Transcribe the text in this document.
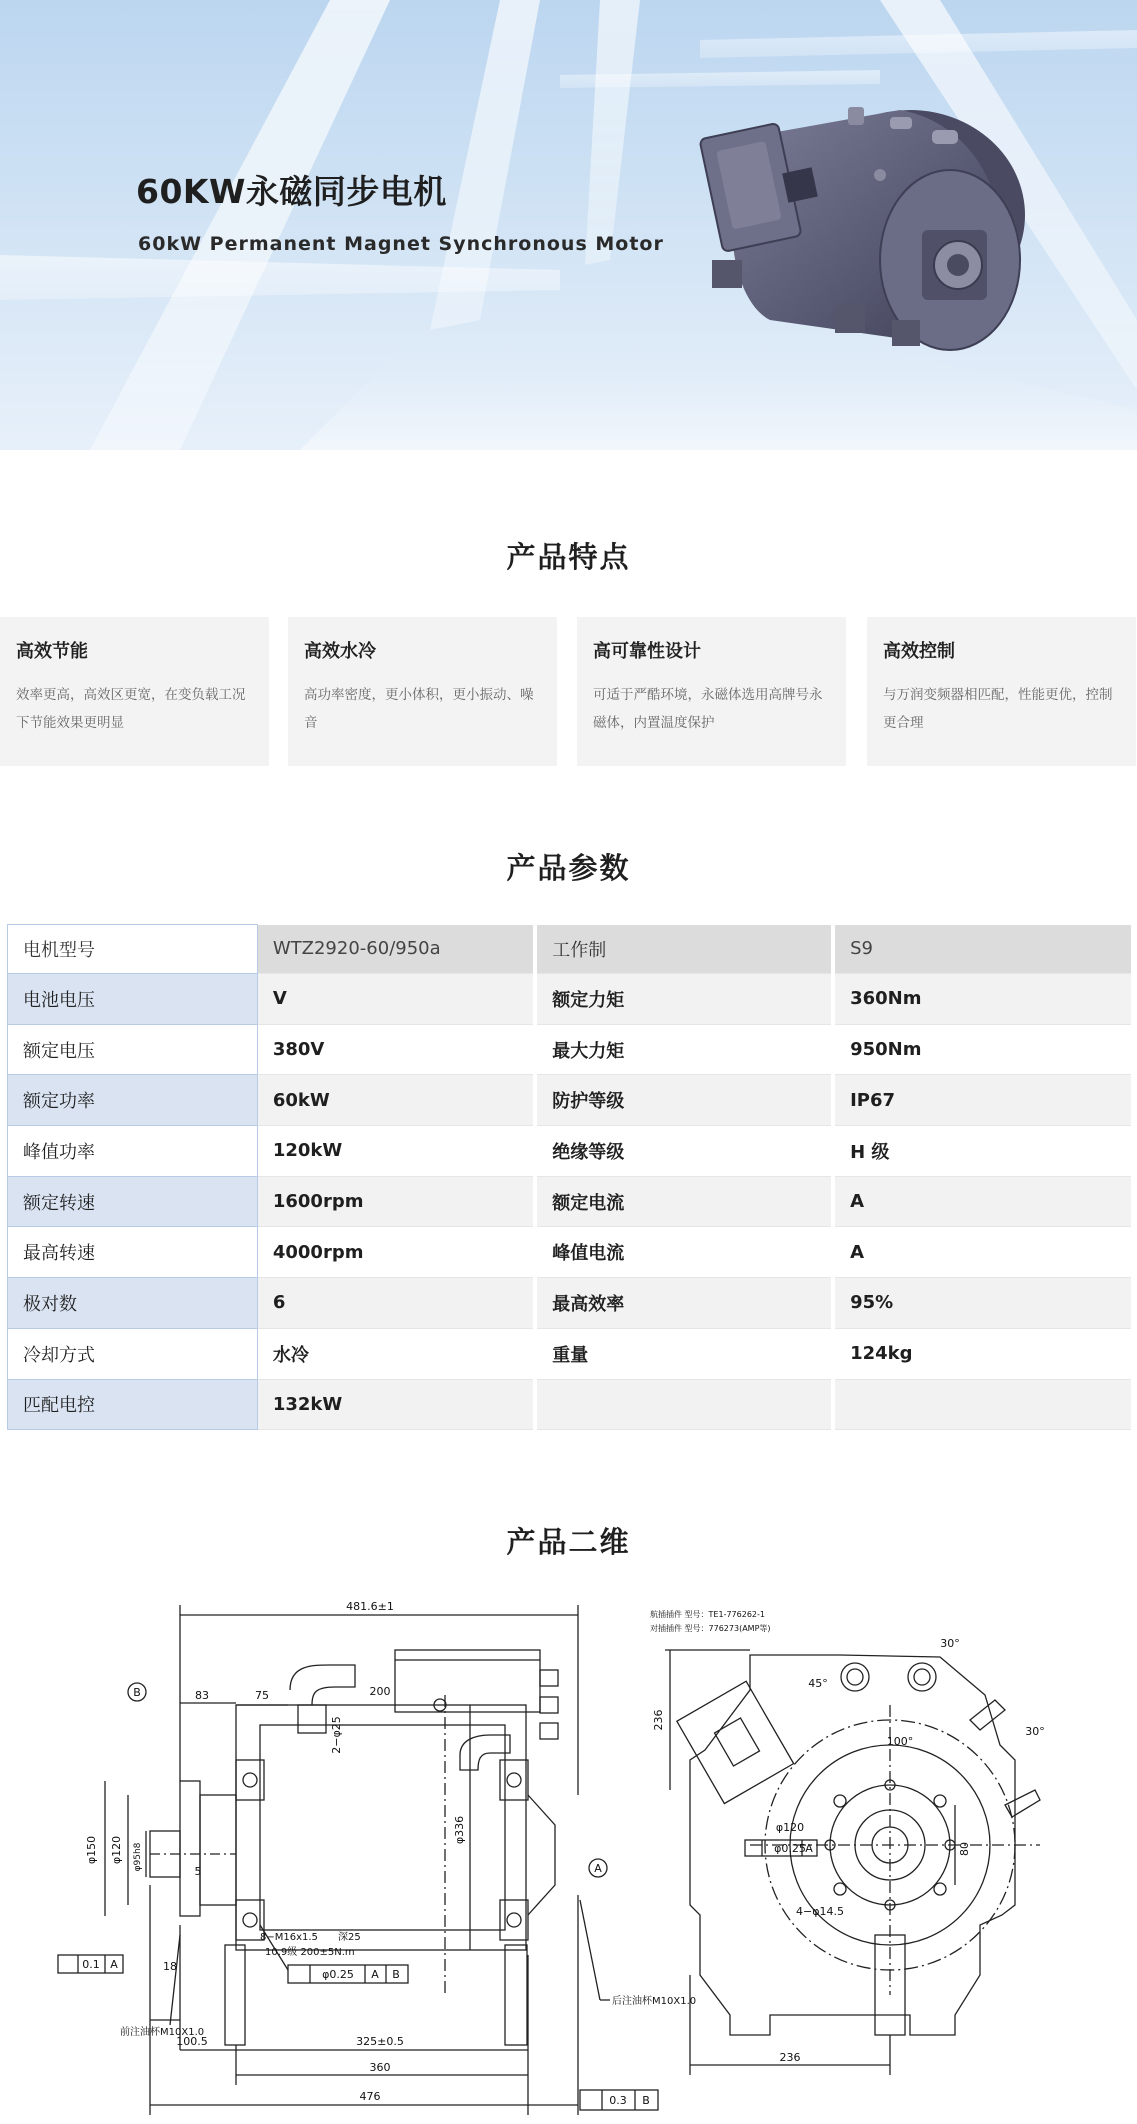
60KW永磁同步电机
60kW Permanent Magnet Synchronous Motor
产品特点
高效节能
效率更高，高效区更宽，在变负载工况下节能效果更明显
高效水冷
高功率密度，更小体积，更小振动、噪音
高可靠性设计
可适于严酷环境，永磁体选用高牌号永磁体，内置温度保护
高效控制
与万润变频器相匹配，性能更优，控制更合理
产品参数
电机型号	WTZ2920-60/950a	工作制	S9
电池电压	V	额定力矩	360Nm
额定电压	380V	最大力矩	950Nm
额定功率	60kW	防护等级	IP67
峰值功率	120kW	绝缘等级	H 级
额定转速	1600rpm	额定电流	A
最高转速	4000rpm	峰值电流	A
极对数	6	最高效率	95%
冷却方式	水冷	重量	124kg
匹配电控	132kW		
产品二维
481.6±1
83	75	200
2−φ25
φ150 φ120 φ95h8
5
18
φ336
100.5	325±0.5
360
476
B
A
0.1 A
φ0.25 A B
0.3 B
236
236
100°
30°
30°
45°
φ120
φ0.25 A
4−φ14.5
80
8−M16x1.5 深25
10.9级 200±5N.m
后注油杯M10X1.0
前注油杯M10X1.0
航插插件 型号：TE1-776262-1
对插插件 型号：776273(AMP等)
